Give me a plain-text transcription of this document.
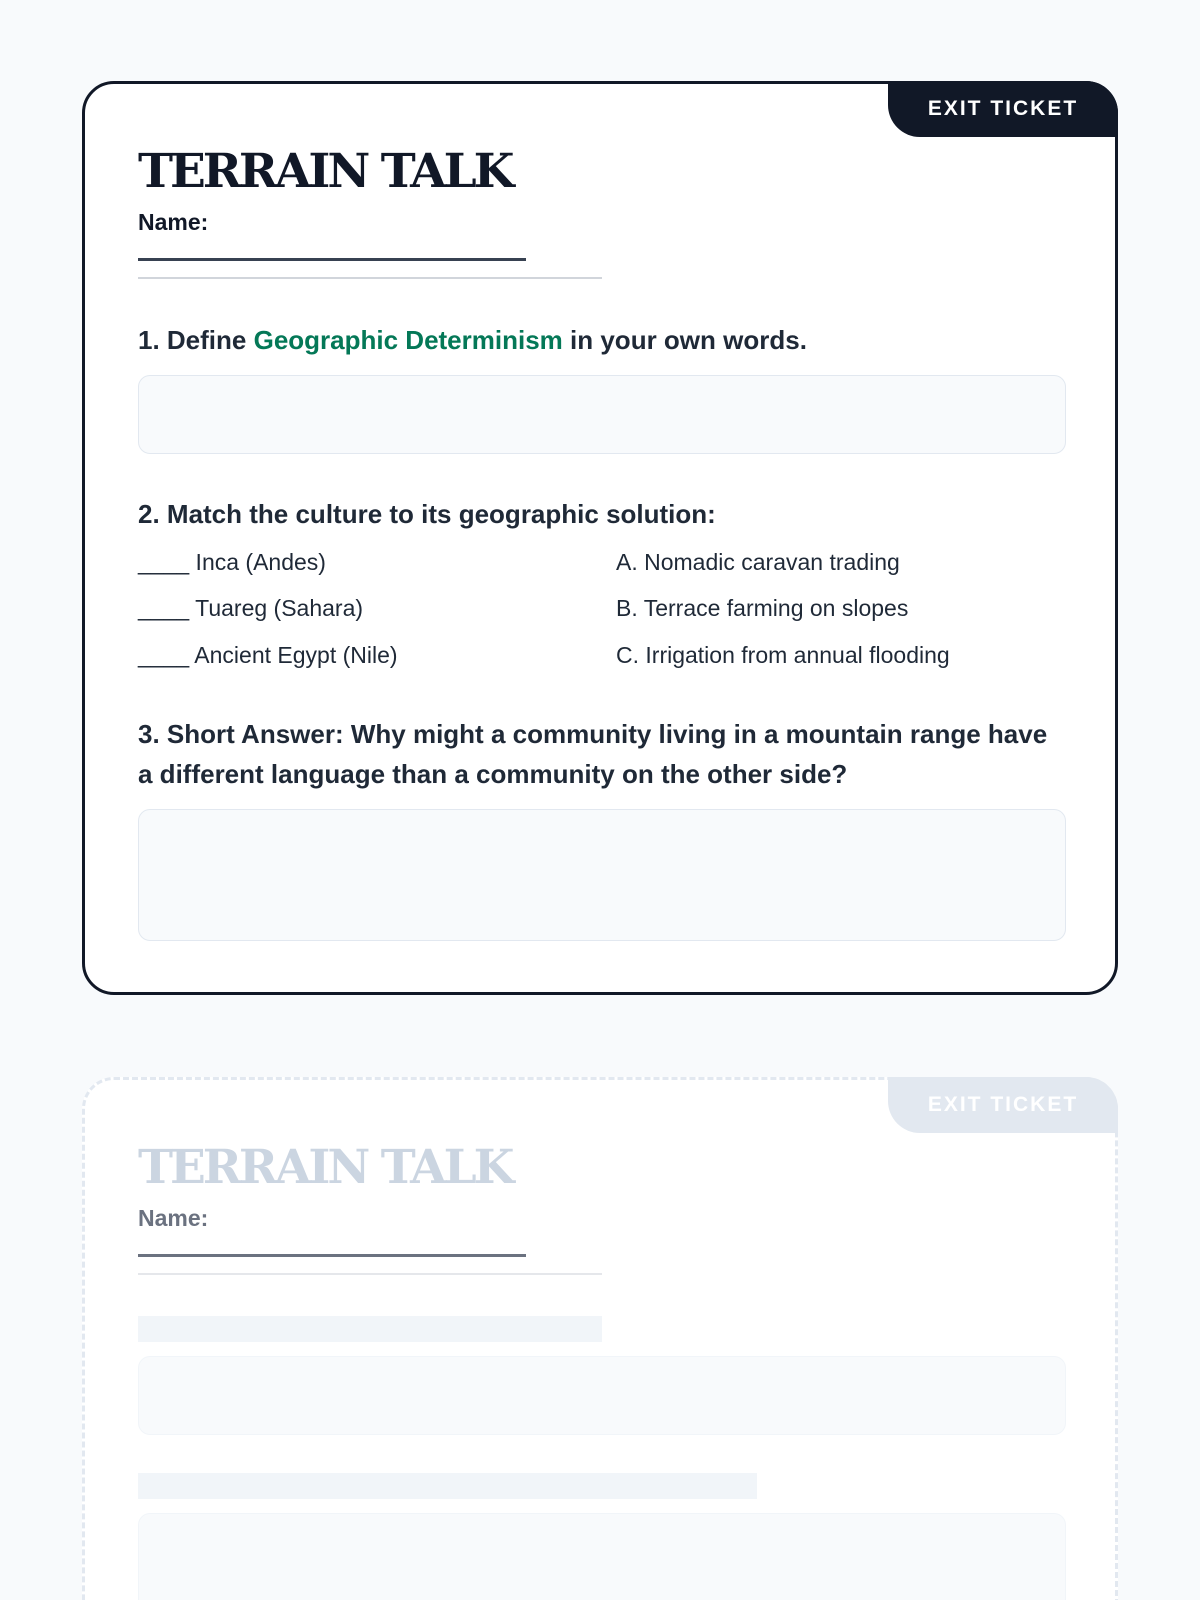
EXIT TICKET
TERRAIN TALK
Name:
1. Define Geographic Determinism in your own words.
2. Match the culture to its geographic solution:
____ Inca (Andes)
____ Tuareg (Sahara)
____ Ancient Egypt (Nile)
A. Nomadic caravan trading
B. Terrace farming on slopes
C. Irrigation from annual flooding
3. Short Answer: Why might a community living in a mountain range have a different language than a community on the other side?
EXIT TICKET
TERRAIN TALK
Name:
